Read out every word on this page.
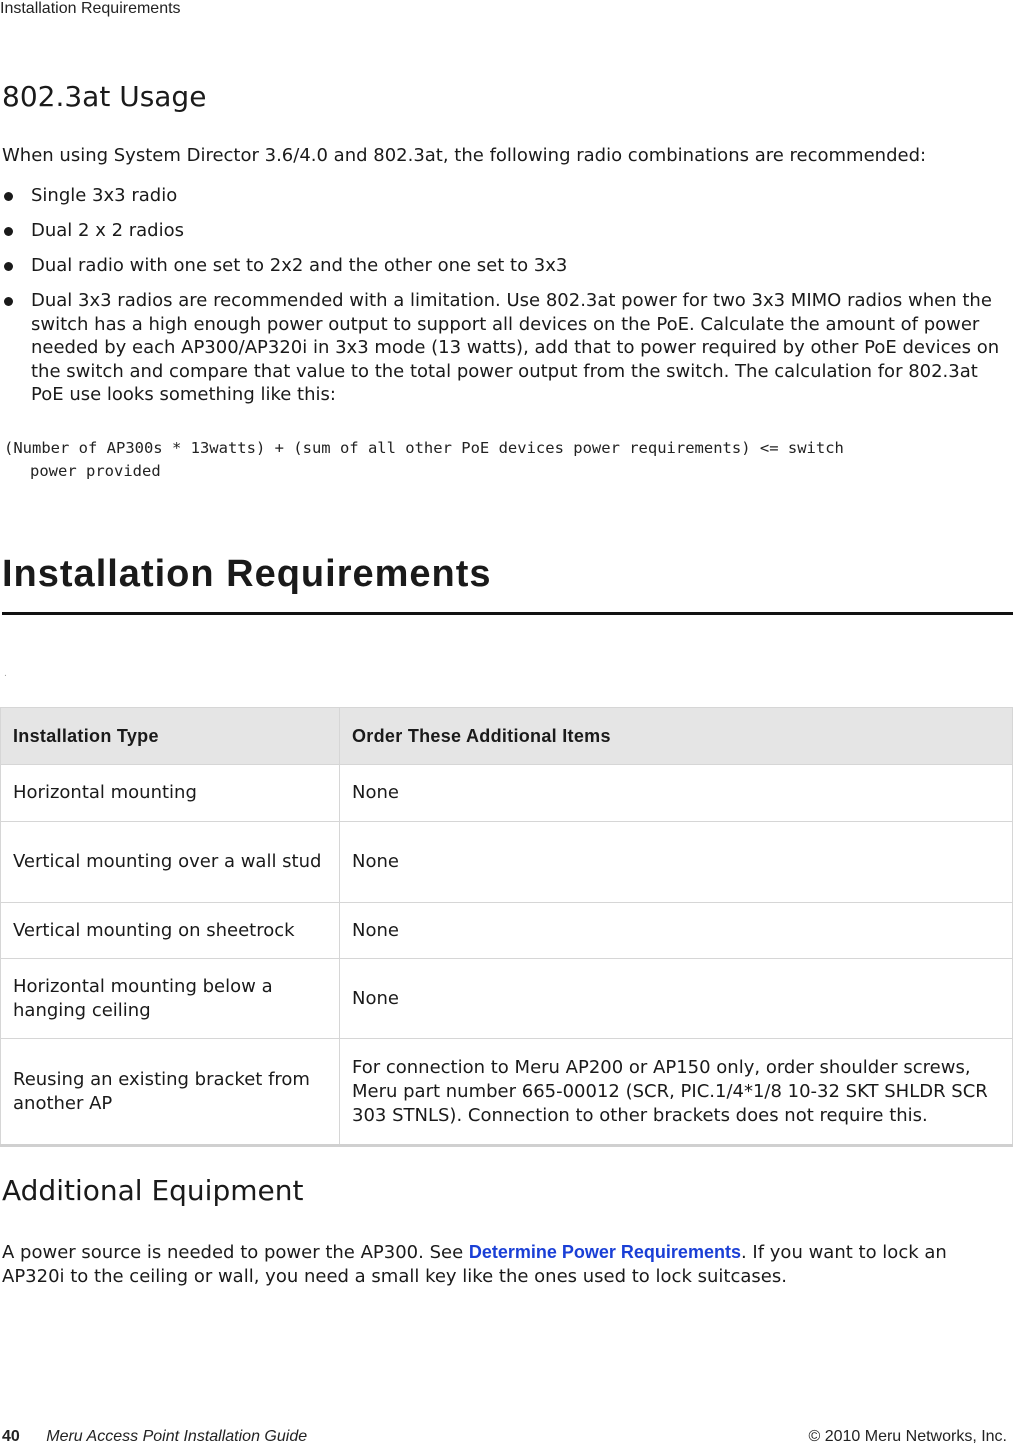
Installation Requirements
802.3at Usage

When using System Director 3.6/4.0 and 802.3at, the following radio combinations are recommended:

Single 3x3 radio
Dual 2 x 2 radios
Dual radio with one set to 2x2 and the other one set to 3x3
Dual 3x3 radios are recommended with a limitation. Use 802.3at power for two 3x3 MIMO radios when the switch has a high enough power output to support all devices on the PoE. Calculate the amount of power needed by each AP300/AP320i in 3x3 mode (13 watts), add that to power required by other PoE devices on the switch and compare that value to the total power output from the switch. The calculation for 802.3at PoE use looks something like this:
(Number of AP300s * 13watts) + (sum of all other PoE devices power requirements) <= switch
power provided
Installation Requirements
.
Installation Type	Order These Additional Items
Horizontal mounting	None
Vertical mounting over a wall stud	None
Vertical mounting on sheetrock	None
Horizontal mounting below a hanging ceiling	None
Reusing an existing bracket from another AP	For connection to Meru AP200 or AP150 only, order shoulder screws, Meru part number 665-00012 (SCR, PIC.1/4*1/8 10-32 SKT SHLDR SCR 303 STNLS). Connection to other brackets does not require this.
Additional Equipment

A power source is needed to power the AP300. See Determine Power Requirements. If you want to lock an AP320i to the ceiling or wall, you need a small key like the ones used to lock suitcases.

40 Meru Access Point Installation Guide	© 2010 Meru Networks, Inc.
